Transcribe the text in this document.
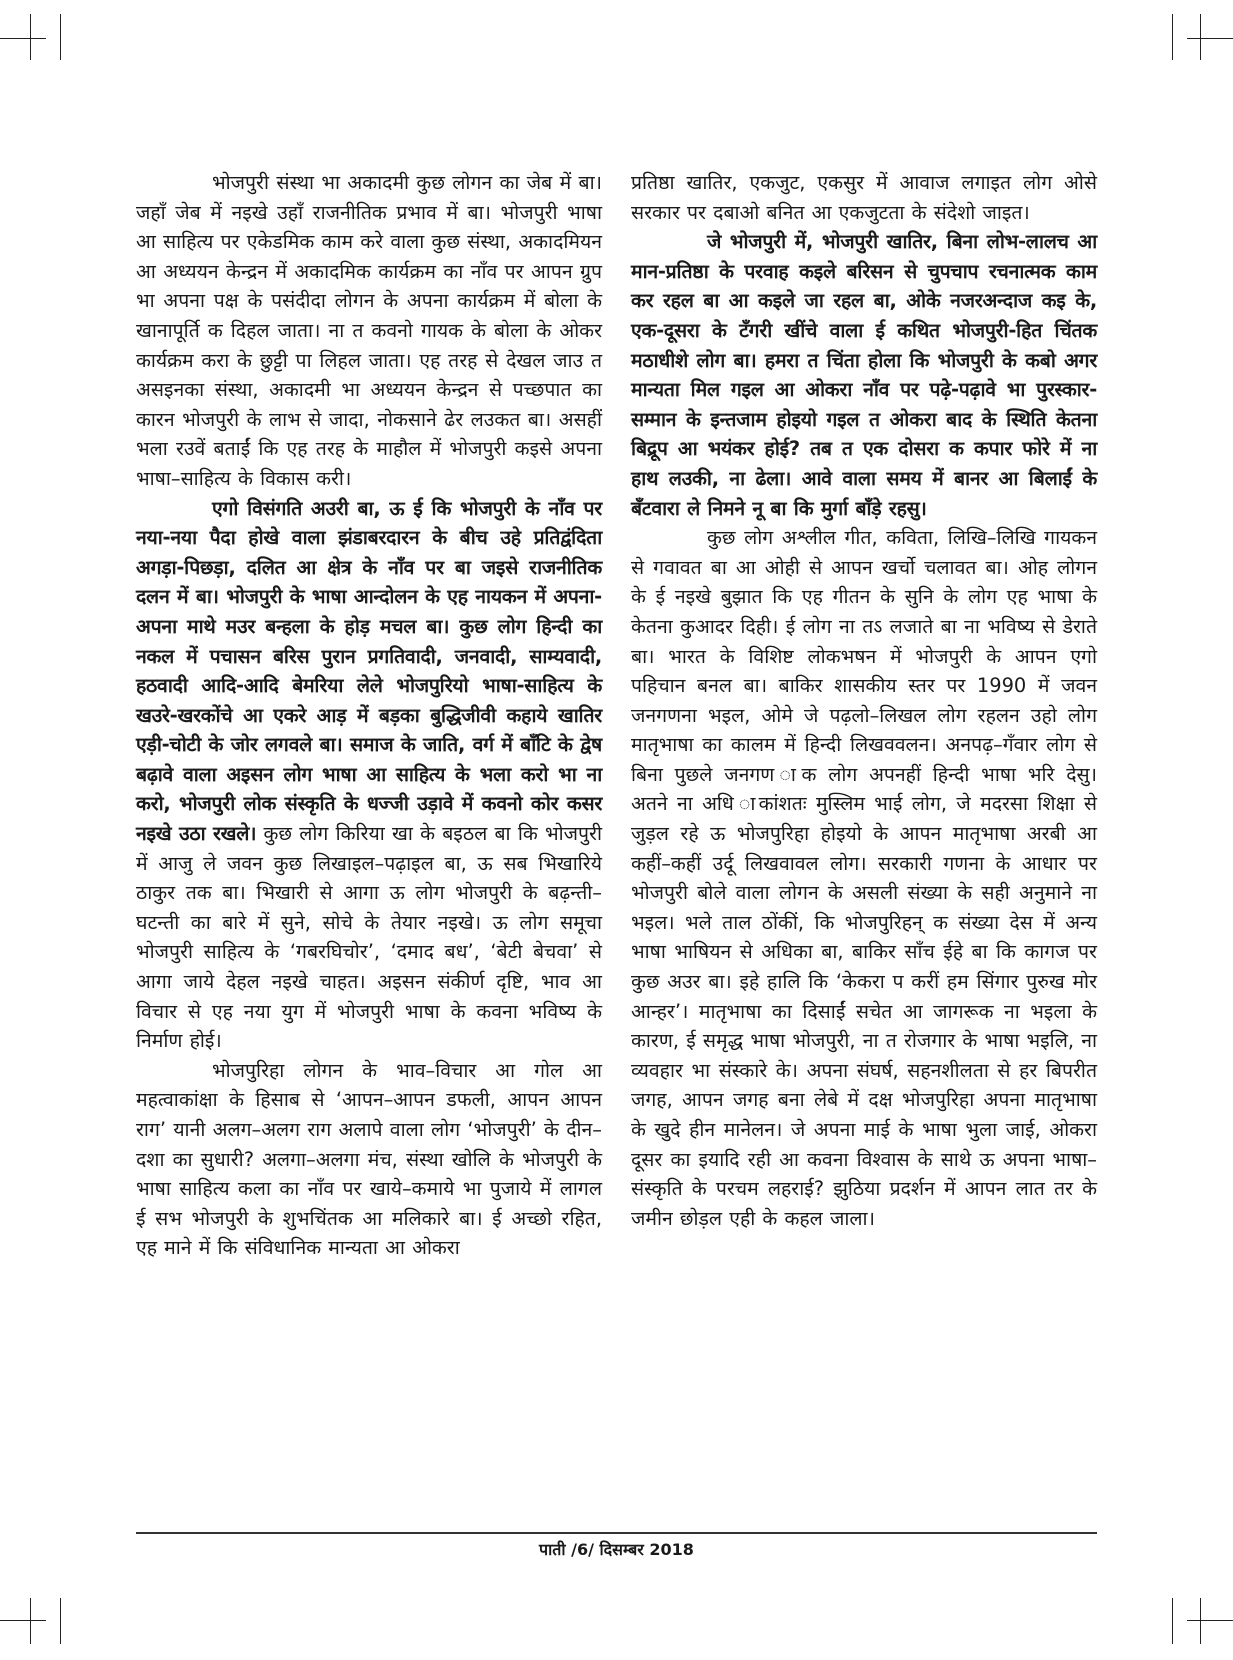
भोजपुरी संस्था भा अकादमी कुछ लोगन का जेब में बा। जहाँ जेब में नइखे उहाँ राजनीतिक प्रभाव में बा। भोजपुरी भाषा आ साहित्य पर एकेडमिक काम करे वाला कुछ संस्था, अकादमियन आ अध्ययन केन्द्रन में अकादमिक कार्यक्रम का नाँव पर आपन ग्रुप भा अपना पक्ष के पसंदीदा लोगन के अपना कार्यक्रम में बोला के खानापूर्ति क दिहल जाता। ना त कवनो गायक के बोला के ओकर कार्यक्रम करा के छुट्टी पा लिहल जाता। एह तरह से देखल जाउ त असइनका संस्था, अकादमी भा अध्ययन केन्द्रन से पच्छपात का कारन भोजपुरी के लाभ से जादा, नोकसाने ढेर लउकत बा। असहीं भला रउवें बताईं कि एह तरह के माहौल में भोजपुरी कइसे अपना भाषा–साहित्य के विकास करी।

एगो विसंगति अउरी बा, ऊ ई कि भोजपुरी के नाँव पर नया-नया पैदा होखे वाला झंडाबरदारन के बीच उहे प्रतिद्वंदिता अगड़ा-पिछड़ा, दलित आ क्षेत्र के नाँव पर बा जइसे राजनीतिक दलन में बा। भोजपुरी के भाषा आन्दोलन के एह नायकन में अपना-अपना माथे मउर बन्हला के होड़ मचल बा। कुछ लोग हिन्दी का नकल में पचासन बरिस पुरान प्रगतिवादी, जनवादी, साम्यवादी, हठवादी आदि-आदि बेमरिया लेले भोजपुरियो भाषा-साहित्य के खउरे-खरकोंचे आ एकरे आड़ में बड़का बुद्धिजीवी कहाये खातिर एड़ी-चोटी के जोर लगवले बा। समाज के जाति, वर्ग में बाँटि के द्वेष बढ़ावे वाला अइसन लोग भाषा आ साहित्य के भला करो भा ना करो, भोजपुरी लोक संस्कृति के धज्जी उड़ावे में कवनो कोर कसर नइखे उठा रखले। कुछ लोग किरिया खा के बइठल बा कि भोजपुरी में आजु ले जवन कुछ लिखाइल–पढ़ाइल बा, ऊ सब भिखारिये ठाकुर तक बा। भिखारी से आगा ऊ लोग भोजपुरी के बढ़न्ती–घटन्ती का बारे में सुने, सोचे के तेयार नइखे। ऊ लोग समूचा भोजपुरी साहित्य के ‘गबरघिचोर’, ‘दमाद बध’, ‘बेटी बेचवा’ से आगा जाये देहल नइखे चाहत। अइसन संकीर्ण दृष्टि, भाव आ विचार से एह नया युग में भोजपुरी भाषा के कवना भविष्य के निर्माण होई।

भोजपुरिहा लोगन के भाव–विचार आ गोल आ महत्वाकांक्षा के हिसाब से ‘आपन–आपन डफली, आपन आपन राग’ यानी अलग–अलग राग अलापे वाला लोग ‘भोजपुरी’ के दीन–दशा का सुधारी? अलगा–अलगा मंच, संस्था खोलि के भोजपुरी के भाषा साहित्य कला का नाँव पर खाये–कमाये भा पुजाये में लागल ई सभ भोजपुरी के शुभचिंतक आ मलिकारे बा। ई अच्छो रहित, एह माने में कि संविधानिक मान्यता आ ओकरा

प्रतिष्ठा खातिर, एकजुट, एकसुर में आवाज लगाइत लोग ओसे सरकार पर दबाओ बनित आ एकजुटता के संदेशो जाइत।

जे भोजपुरी में, भोजपुरी खातिर, बिना लोभ-लालच आ मान-प्रतिष्ठा के परवाह कइले बरिसन से चुपचाप रचनात्मक काम कर रहल बा आ कइले जा रहल बा, ओके नजरअन्दाज कइ के, एक-दूसरा के टँगरी खींचे वाला ई कथित भोजपुरी-हित चिंतक मठाधीशे लोग बा। हमरा त चिंता होला कि भोजपुरी के कबो अगर मान्यता मिल गइल आ ओकरा नाँव पर पढ़े-पढ़ावे भा पुरस्कार-सम्मान के इन्तजाम होइयो गइल त ओकरा बाद के स्थिति केतना बिद्रूप आ भयंकर होई? तब त एक दोसरा क कपार फोरे में ना हाथ लउकी, ना ढेला। आवे वाला समय में बानर आ बिलाईं के बँटवारा ले निमने नू बा कि मुर्गा बाँड़े रहसु।

कुछ लोग अश्लील गीत, कविता, लिखि–लिखि गायकन से गवावत बा आ ओही से आपन खर्चो चलावत बा। ओह लोगन के ई नइखे बुझात कि एह गीतन के सुनि के लोग एह भाषा के केतना कुआदर दिही। ई लोग ना तऽ लजाते बा ना भविष्य से डेराते बा। भारत के विशिष्ट लोकभषन में भोजपुरी के आपन एगो पहिचान बनल बा। बाकिर शासकीय स्तर पर 1990 में जवन जनगणना भइल, ओमे जे पढ़लो–लिखल लोग रहलन उहो लोग मातृभाषा का कालम में हिन्दी लिखववलन। अनपढ़–गँवार लोग से बिना पुछले जनगण ाक लोग अपनहीं हिन्दी भाषा भरि देसु। अतने ना अधि ाकांशतः मुस्लिम भाई लोग, जे मदरसा शिक्षा से जुड़ल रहे ऊ भोजपुरिहा होइयो के आपन मातृभाषा अरबी आ कहीं–कहीं उर्दू लिखवावल लोग। सरकारी गणना के आधार पर भोजपुरी बोले वाला लोगन के असली संख्या के सही अनुमाने ना भइल। भले ताल ठोंकीं, कि भोजपुरिहन् क संख्या देस में अन्य भाषा भाषियन से अधिका बा, बाकिर साँच ईहे बा कि कागज पर कुछ अउर बा। इहे हालि कि ‘केकरा प करीं हम सिंगार पुरुख मोर आन्हर’। मातृभाषा का दिसाईं सचेत आ जागरूक ना भइला के कारण, ई समृद्ध भाषा भोजपुरी, ना त रोजगार के भाषा भइलि, ना व्यवहार भा संस्कारे के। अपना संघर्ष, सहनशीलता से हर बिपरीत जगह, आपन जगह बना लेबे में दक्ष भोजपुरिहा अपना मातृभाषा के खुदे हीन मानेलन। जे अपना माई के भाषा भुला जाई, ओकरा दूसर का इयादि रही आ कवना विश्वास के साथे ऊ अपना भाषा–संस्कृति के परचम लहराई? झुठिया प्रदर्शन में आपन लात तर के जमीन छोड़ल एही के कहल जाला।

पाती /6/ दिसम्बर 2018
